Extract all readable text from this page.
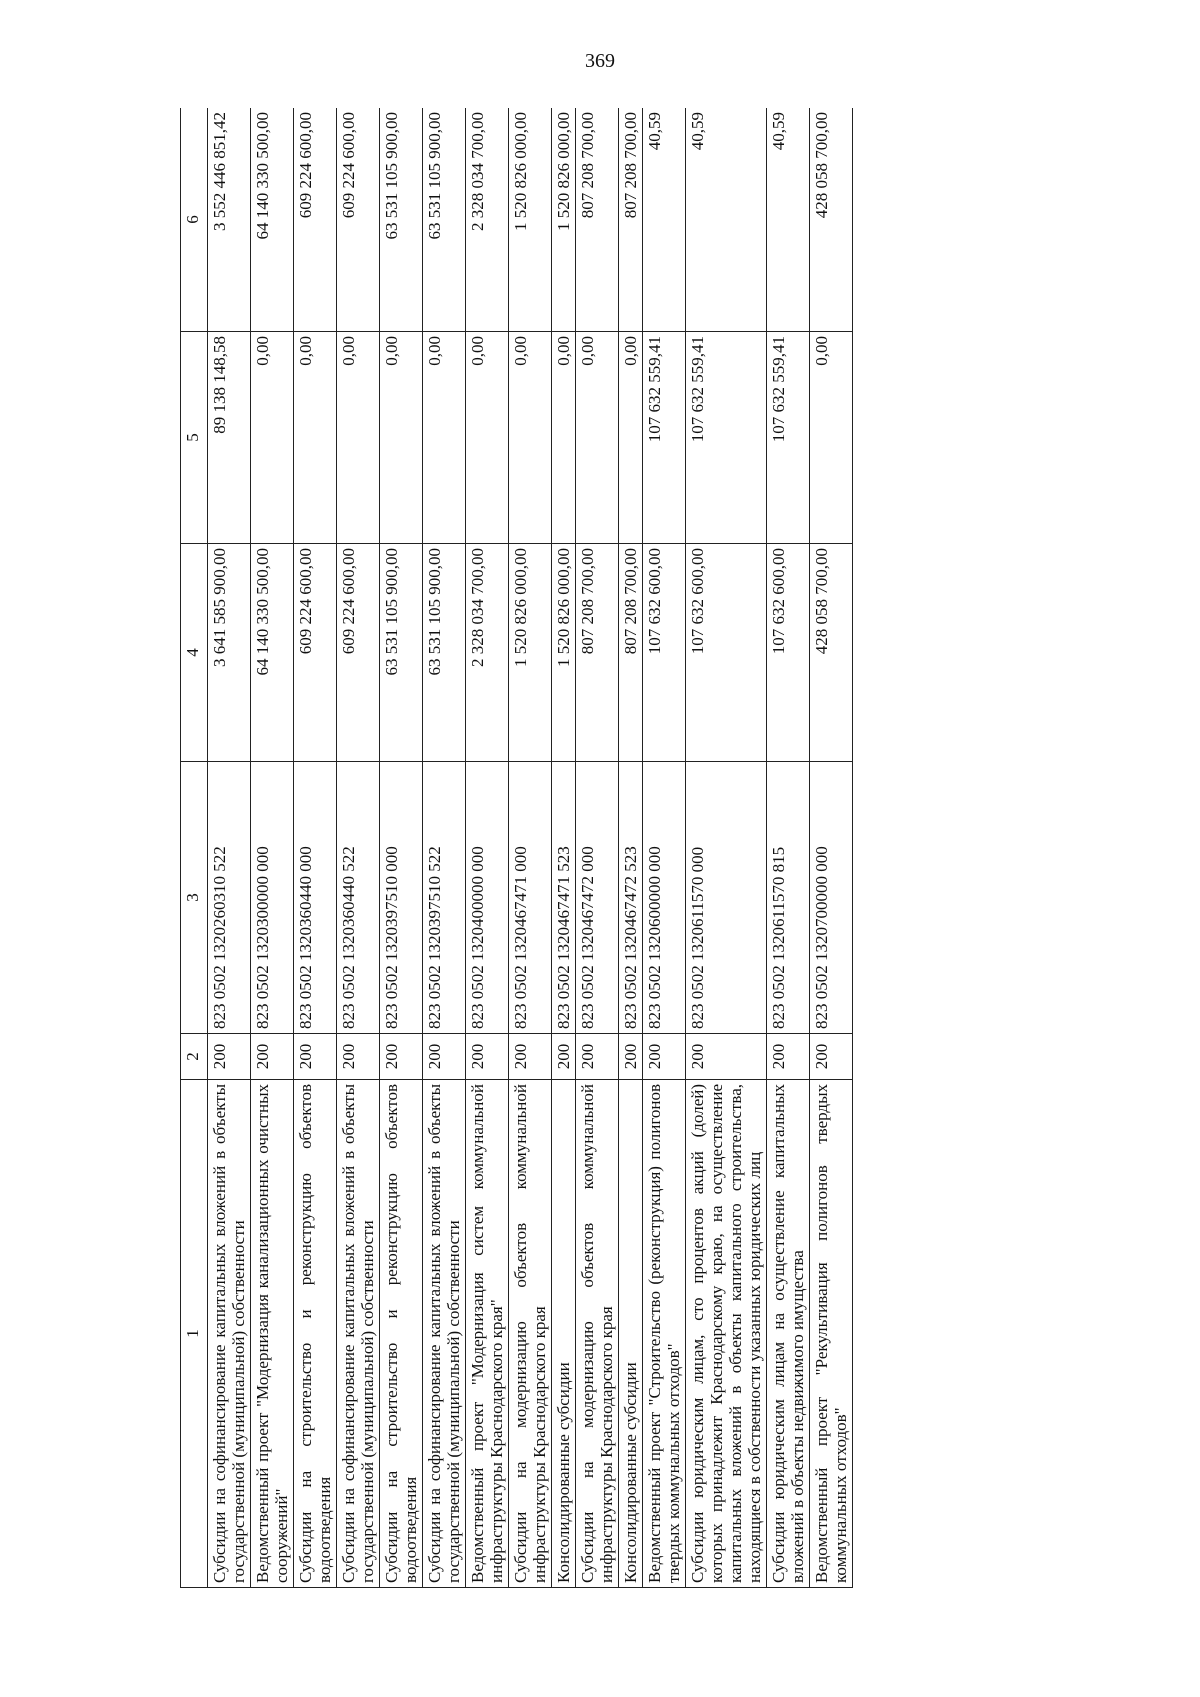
369
1	2	3	4	5	6
Субсидии на софинансирование капитальных вложений в объекты государственной (муниципальной) собственности	200	823 0502 1320260310 522	3 641 585 900,00	89 138 148,58	3 552 446 851,42
Ведомственный проект "Модернизация канализационных очистных сооружений"	200	823 0502 1320300000 000	64 140 330 500,00	0,00	64 140 330 500,00
Субсидии на строительство и реконструкцию объектов водоотведения	200	823 0502 1320360440 000	609 224 600,00	0,00	609 224 600,00
Субсидии на софинансирование капитальных вложений в объекты государственной (муниципальной) собственности	200	823 0502 1320360440 522	609 224 600,00	0,00	609 224 600,00
Субсидии на строительство и реконструкцию объектов водоотведения	200	823 0502 1320397510 000	63 531 105 900,00	0,00	63 531 105 900,00
Субсидии на софинансирование капитальных вложений в объекты государственной (муниципальной) собственности	200	823 0502 1320397510 522	63 531 105 900,00	0,00	63 531 105 900,00
Ведомственный проект "Модернизация систем коммунальной инфраструктуры Краснодарского края"	200	823 0502 1320400000 000	2 328 034 700,00	0,00	2 328 034 700,00
Субсидии на модернизацию объектов коммунальной инфраструктуры Краснодарского края	200	823 0502 1320467471 000	1 520 826 000,00	0,00	1 520 826 000,00
Консолидированные субсидии	200	823 0502 1320467471 523	1 520 826 000,00	0,00	1 520 826 000,00
Субсидии на модернизацию объектов коммунальной инфраструктуры Краснодарского края	200	823 0502 1320467472 000	807 208 700,00	0,00	807 208 700,00
Консолидированные субсидии	200	823 0502 1320467472 523	807 208 700,00	0,00	807 208 700,00
Ведомственный проект "Строительство (реконструкция) полигонов твердых коммунальных отходов"	200	823 0502 1320600000 000	107 632 600,00	107 632 559,41	40,59
Субсидии юридическим лицам, сто процентов акций (долей) которых принадлежит Краснодарскому краю, на осуществление капитальных вложений в объекты капитального строительства, находящиеся в собственности указанных юридических лиц	200	823 0502 1320611570 000	107 632 600,00	107 632 559,41	40,59
Субсидии юридическим лицам на осуществление капитальных вложений в объекты недвижимого имущества	200	823 0502 1320611570 815	107 632 600,00	107 632 559,41	40,59
Ведомственный проект "Рекультивация полигонов твердых коммунальных отходов"	200	823 0502 1320700000 000	428 058 700,00	0,00	428 058 700,00
